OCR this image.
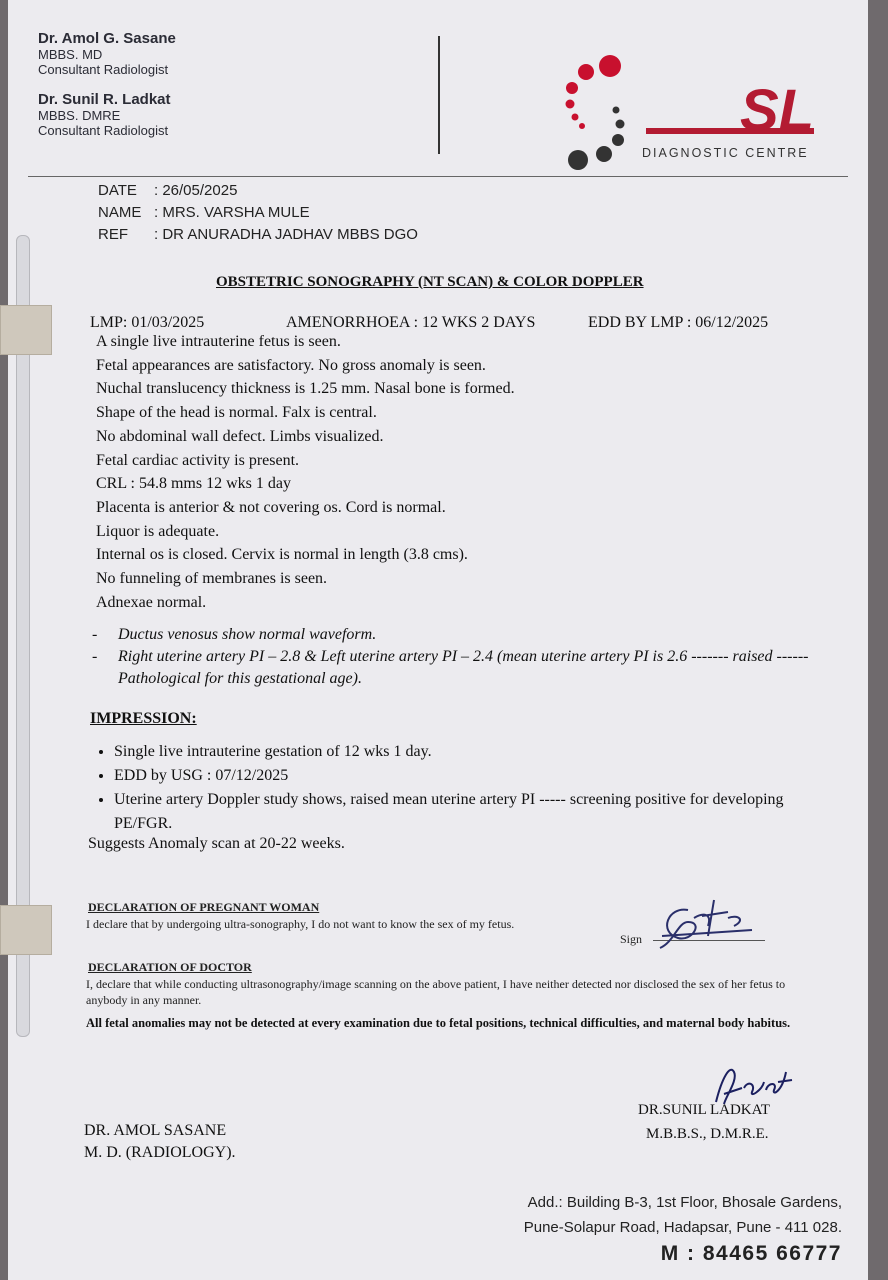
Dr. Amol G. Sasane
MBBS. MD
Consultant Radiologist
Dr. Sunil R. Ladkat
MBBS. DMRE
Consultant Radiologist	SL
DIAGNOSTIC CENTRE
DATE : 26/05/2025
NAME : MRS. VARSHA MULE
REF : DR ANURADHA JADHAV MBBS DGO
OBSTETRIC SONOGRAPHY (NT SCAN) & COLOR DOPPLER
LMP: 01/03/2025	AMENORRHOEA : 12 WKS 2 DAYS	EDD BY LMP : 06/12/2025
A single live intrauterine fetus is seen.
Fetal appearances are satisfactory. No gross anomaly is seen.
Nuchal translucency thickness is 1.25 mm. Nasal bone is formed.
Shape of the head is normal. Falx is central.
No abdominal wall defect. Limbs visualized.
Fetal cardiac activity is present.
CRL : 54.8 mms 12 wks 1 day
Placenta is anterior & not covering os. Cord is normal.
Liquor is adequate.
Internal os is closed. Cervix is normal in length (3.8 cms).
No funneling of membranes is seen.
Adnexae normal.
-	Ductus venosus show normal waveform.
-	Right uterine artery PI – 2.8 & Left uterine artery PI – 2.4 (mean uterine artery PI is 2.6 ------- raised ------Pathological for this gestational age).
IMPRESSION:
• Single live intrauterine gestation of 12 wks 1 day.
• EDD by USG : 07/12/2025
• Uterine artery Doppler study shows, raised mean uterine artery PI ----- screening positive for developing PE/FGR.
Suggests Anomaly scan at 20-22 weeks.
DECLARATION OF PREGNANT WOMAN
I declare that by undergoing ultra-sonography, I do not want to know the sex of my fetus.
Sign
DECLARATION OF DOCTOR
I, declare that while conducting ultrasonography/image scanning on the above patient, I have neither detected nor disclosed the sex of her fetus to anybody in any manner.
All fetal anomalies may not be detected at every examination due to fetal positions, technical difficulties, and maternal body habitus.
DR. AMOL SASANE
M. D. (RADIOLOGY).
DR.SUNIL LADKAT
M.B.B.S., D.M.R.E.
Add.: Building B-3, 1st Floor, Bhosale Gardens,
Pune-Solapur Road, Hadapsar, Pune - 411 028.
M : 84465 66777
